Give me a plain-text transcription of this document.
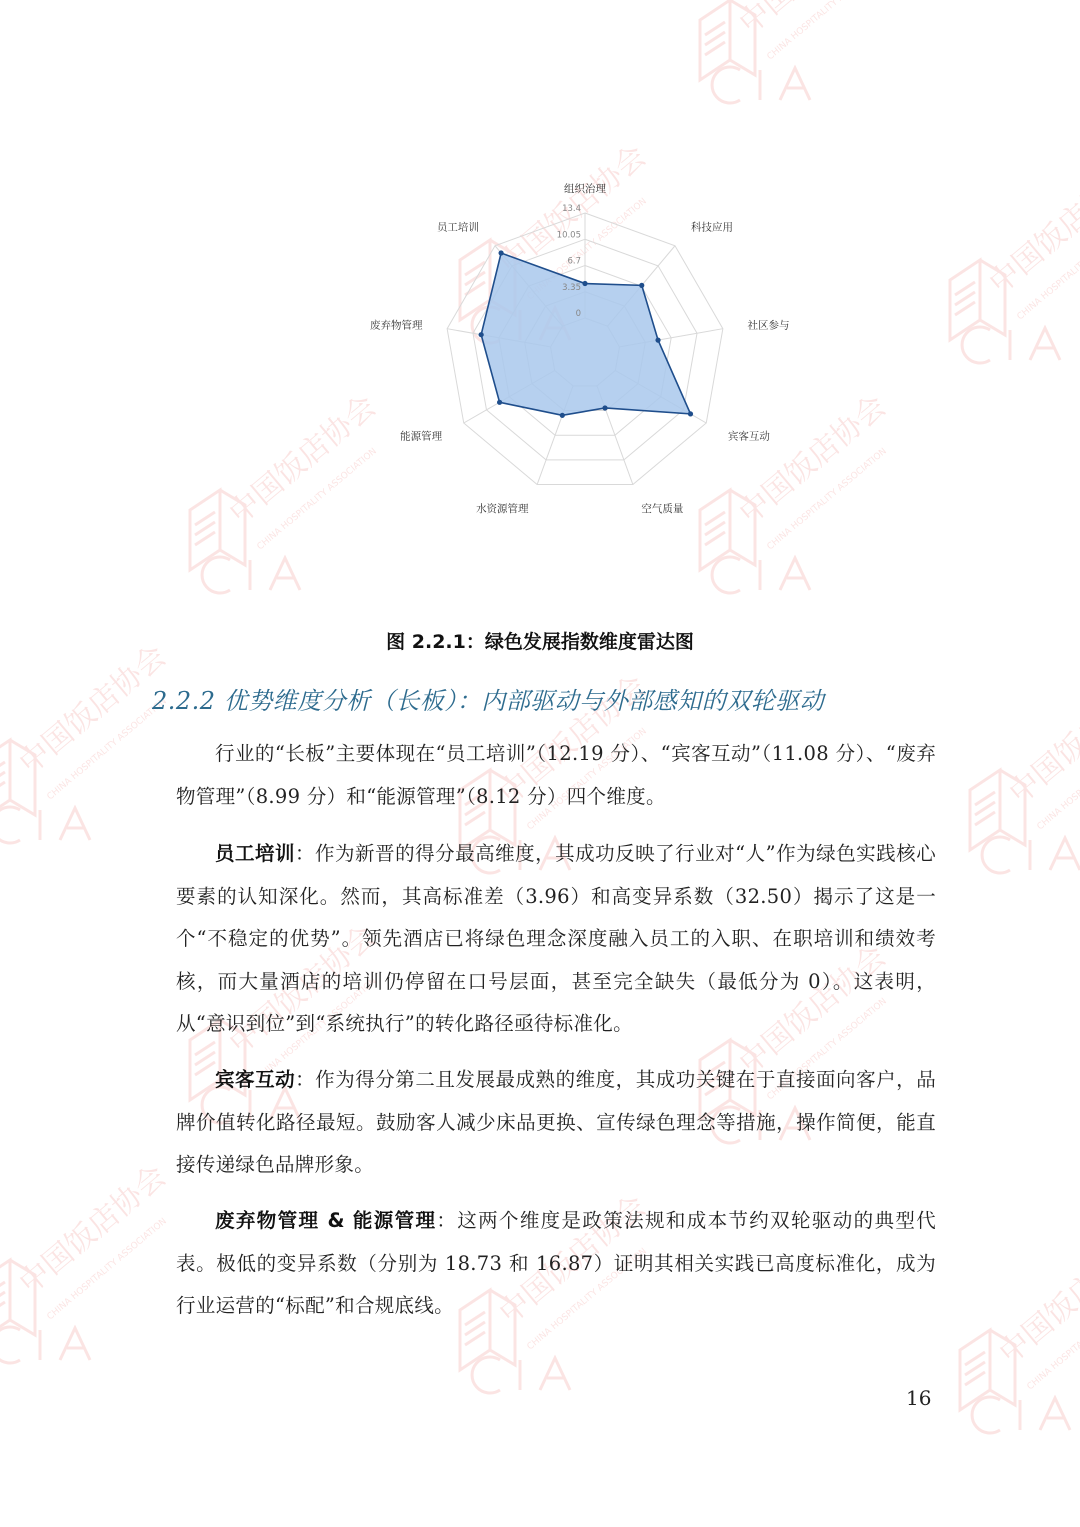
0
3.35
6.7
10.05
13.4
组织治理
科技应用
社区参与
宾客互动
空气质量
水资源管理
能源管理
废弃物管理
员工培训
图 2.2.1：绿色发展指数维度雷达图
2.2.2 优势维度分析（长板）：内部驱动与外部感知的双轮驱动

行业的“长板”主要体现在“员工培训”（12.19 分）、“宾客互动”（11.08 分）、“废弃物管理”（8.99 分）和“能源管理”（8.12 分）四个维度。

员工培训：作为新晋的得分最高维度，其成功反映了行业对“人”作为绿色实践核心要素的认知深化。然而，其高标准差（3.96）和高变异系数（32.50）揭示了这是一个“不稳定的优势”。领先酒店已将绿色理念深度融入员工的入职、在职培训和绩效考核，而大量酒店的培训仍停留在口号层面，甚至完全缺失（最低分为 0）。这表明，从“意识到位”到“系统执行”的转化路径亟待标准化。

宾客互动：作为得分第二且发展最成熟的维度，其成功关键在于直接面向客户，品牌价值转化路径最短。鼓励客人减少床品更换、宣传绿色理念等措施，操作简便，能直接传递绿色品牌形象。

废弃物管理 & 能源管理：这两个维度是政策法规和成本节约双轮驱动的典型代表。极低的变异系数（分别为 18.73 和 16.87）证明其相关实践已高度标准化，成为行业运营的“标配”和合规底线。

16
